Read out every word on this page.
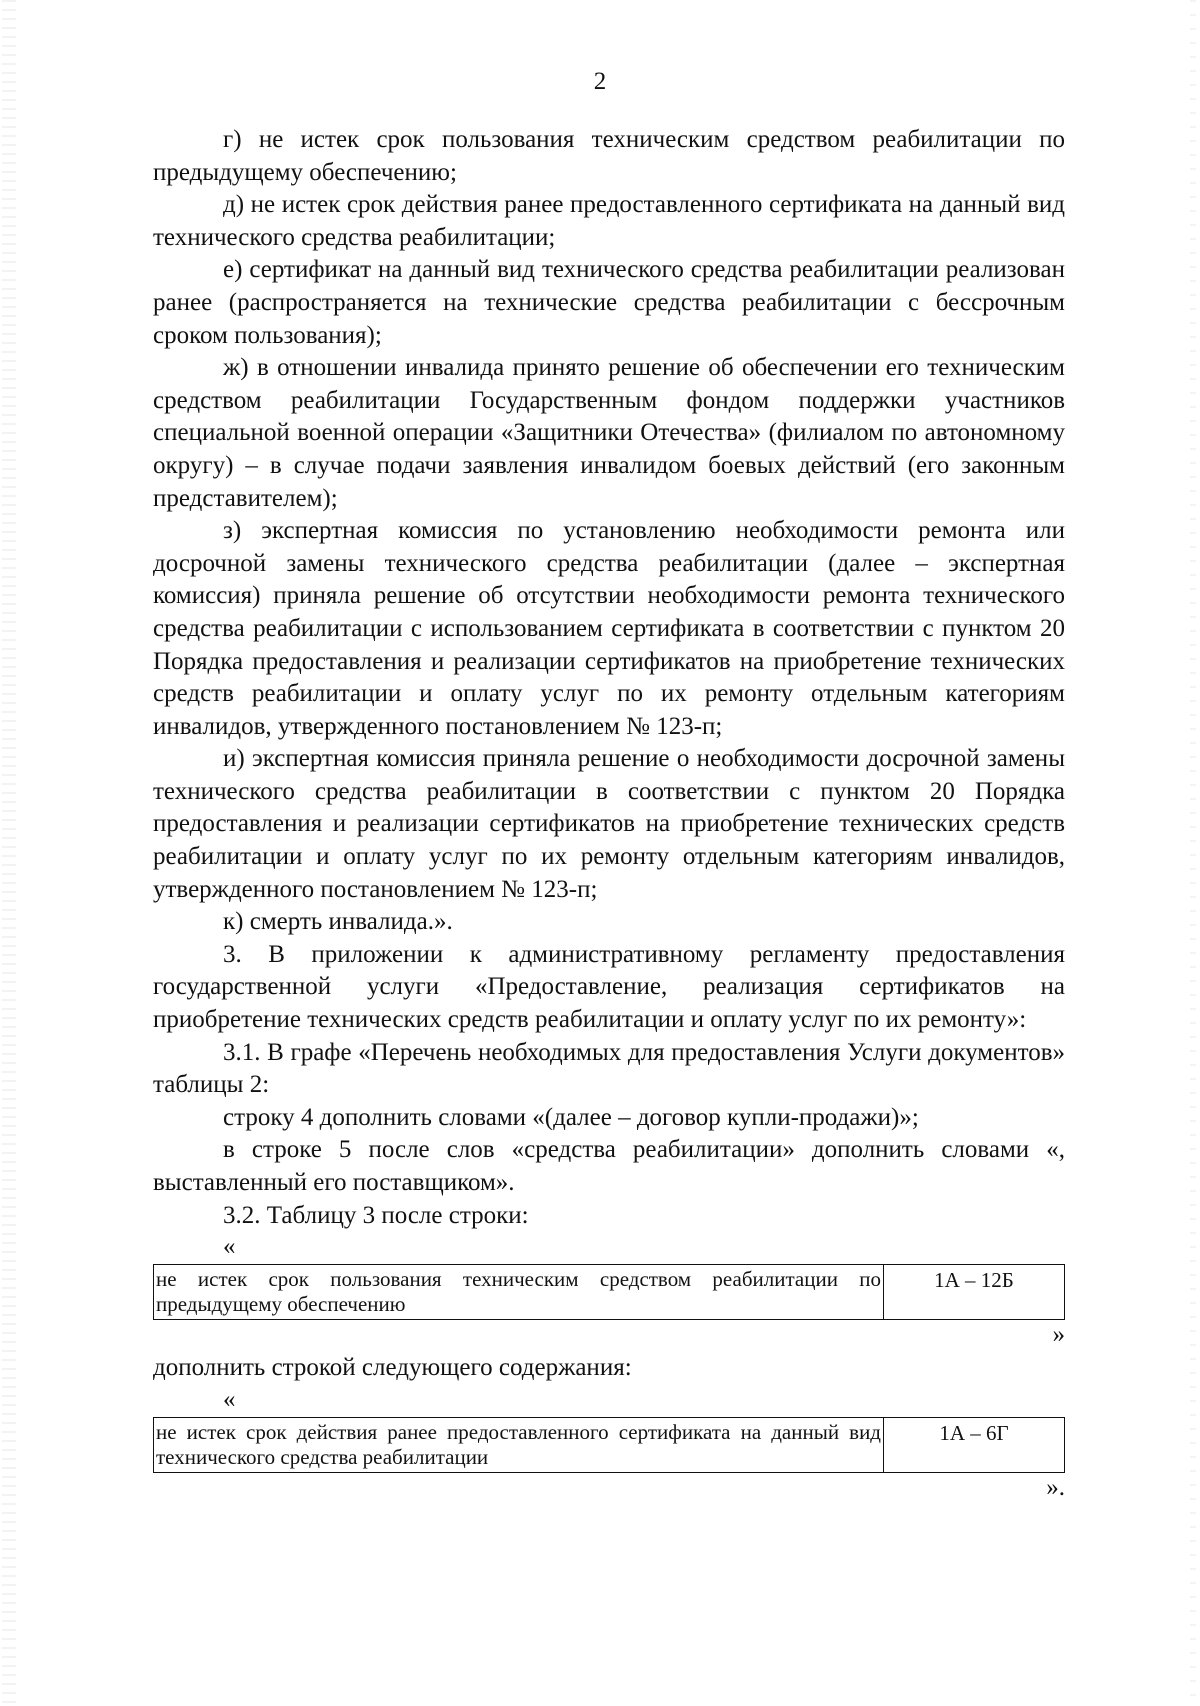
2

г) не истек срок пользования техническим средством реабилитации по предыдущему обеспечению;

д) не истек срок действия ранее предоставленного сертификата на данный вид технического средства реабилитации;

е) сертификат на данный вид технического средства реабилитации реализован ранее (распространяется на технические средства реабилитации с бессрочным сроком пользования);

ж) в отношении инвалида принято решение об обеспечении его техническим средством реабилитации Государственным фондом поддержки участников специальной военной операции «Защитники Отечества» (филиалом по автономному округу) – в случае подачи заявления инвалидом боевых действий (его законным представителем);

з) экспертная комиссия по установлению необходимости ремонта или досрочной замены технического средства реабилитации (далее – экспертная комиссия) приняла решение об отсутствии необходимости ремонта технического средства реабилитации с использованием сертификата в соответствии с пунктом 20 Порядка предоставления и реализации сертификатов на приобретение технических средств реабилитации и оплату услуг по их ремонту отдельным категориям инвалидов, утвержденного постановлением № 123-п;

и) экспертная комиссия приняла решение о необходимости досрочной замены технического средства реабилитации в соответствии с пунктом 20 Порядка предоставления и реализации сертификатов на приобретение технических средств реабилитации и оплату услуг по их ремонту отдельным категориям инвалидов, утвержденного постановлением № 123-п;

к) смерть инвалида.».

3. В приложении к административному регламенту предоставления государственной услуги «Предоставление, реализация сертификатов на приобретение технических средств реабилитации и оплату услуг по их ремонту»:

3.1. В графе «Перечень необходимых для предоставления Услуги документов» таблицы 2:

строку 4 дополнить словами «(далее – договор купли-продажи)»;

в строке 5 после слов «средства реабилитации» дополнить словами «, выставленный его поставщиком».

3.2. Таблицу 3 после строки:

«

не истек срок пользования техническим средством реабилитации по предыдущему обеспечению	1А – 12Б

»

дополнить строкой следующего содержания:

«

не истек срок действия ранее предоставленного сертификата на данный вид технического средства реабилитации	1А – 6Г

».
